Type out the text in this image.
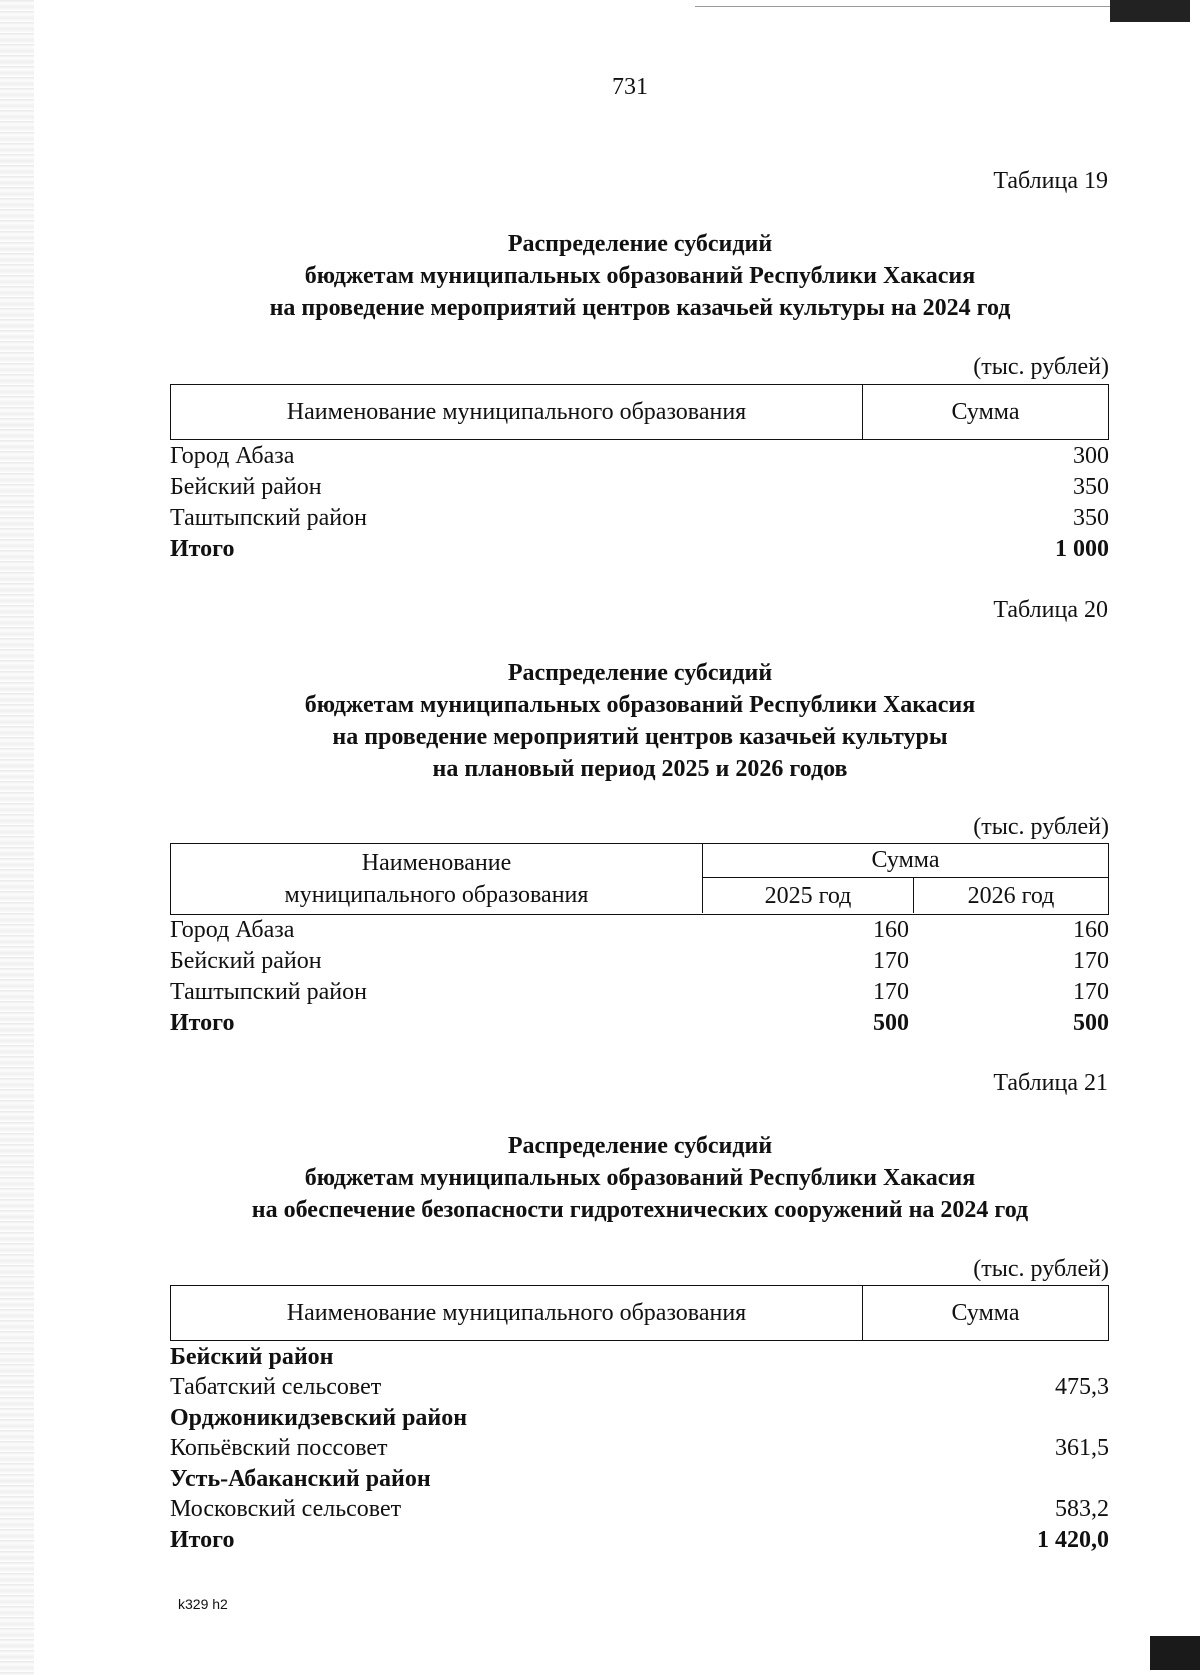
731
Таблица 19
Распределение субсидий
бюджетам муниципальных образований Республики Хакасия
на проведение мероприятий центров казачьей культуры на 2024 год
(тыс. рублей)
Наименование муниципального образования	Сумма
Город Абаза	300
Бейский район	350
Таштыпский район	350
Итого	1 000
Таблица 20
Распределение субсидий
бюджетам муниципальных образований Республики Хакасия
на проведение мероприятий центров казачьей культуры
на плановый период 2025 и 2026 годов
(тыс. рублей)
Наименование
муниципального образования
Сумма
2025 год	2026 год
Город Абаза	160	160
Бейский район	170	170
Таштыпский район	170	170
Итого	500	500
Таблица 21
Распределение субсидий
бюджетам муниципальных образований Республики Хакасия
на обеспечение безопасности гидротехнических сооружений на 2024 год
(тыс. рублей)
Наименование муниципального образования	Сумма
Бейский район
Табатский сельсовет	475,3
Орджоникидзевский район
Копьёвский поссовет	361,5
Усть-Абаканский район
Московский сельсовет	583,2
Итого	1 420,0
k329 h2
